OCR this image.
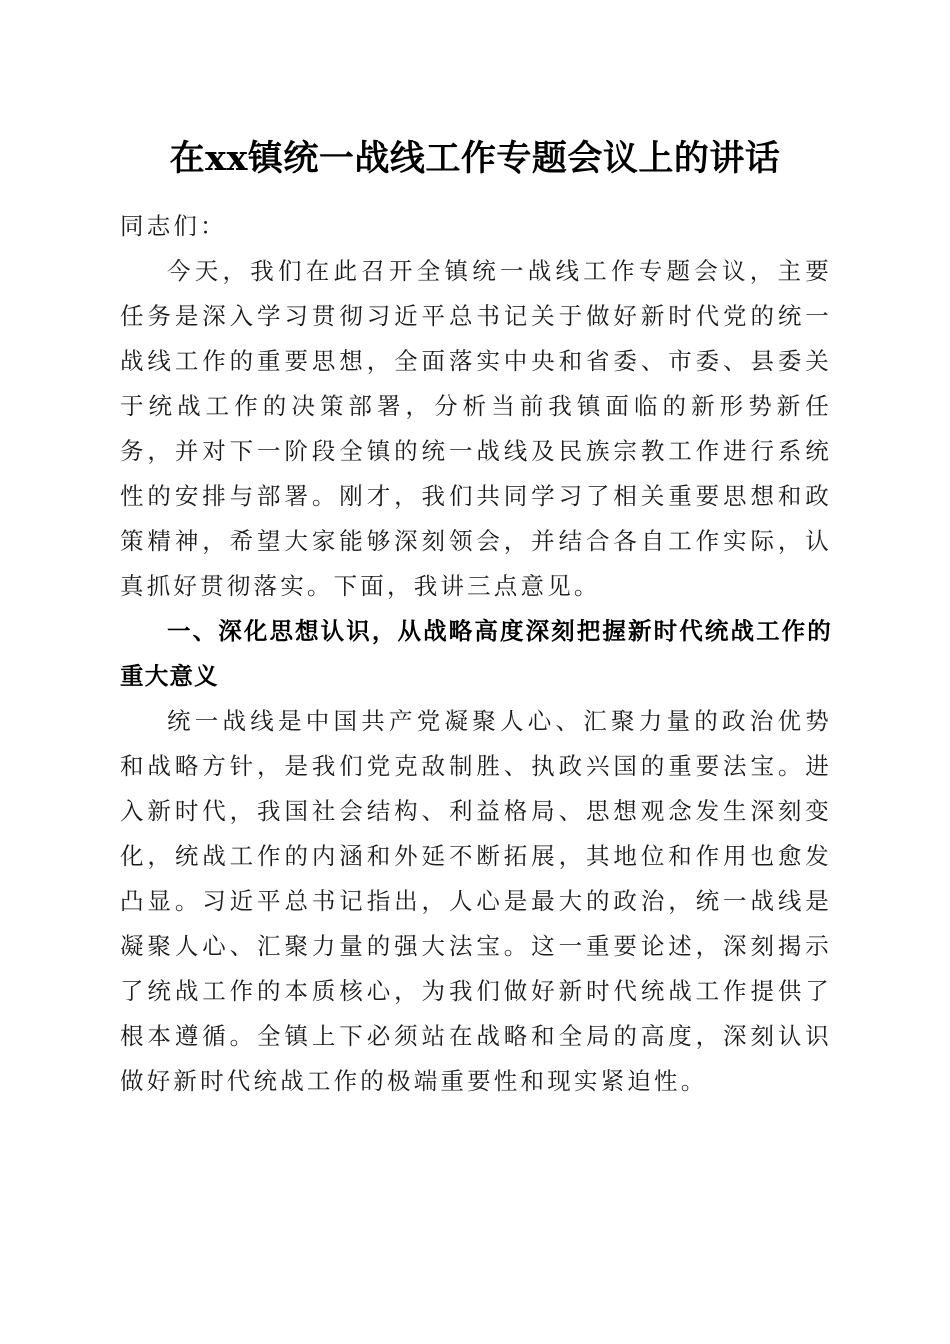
在xx镇统一战线工作专题会议上的讲话

同志们：

今天，我们在此召开全镇统一战线工作专题会议，主要任务是深入学习贯彻习近平总书记关于做好新时代党的统一战线工作的重要思想，全面落实中央和省委、市委、县委关于统战工作的决策部署，分析当前我镇面临的新形势新任务，并对下一阶段全镇的统一战线及民族宗教工作进行系统性的安排与部署。刚才，我们共同学习了相关重要思想和政策精神，希望大家能够深刻领会，并结合各自工作实际，认真抓好贯彻落实。下面，我讲三点意见。

一、深化思想认识，从战略高度深刻把握新时代统战工作的重大意义

统一战线是中国共产党凝聚人心、汇聚力量的政治优势和战略方针，是我们党克敌制胜、执政兴国的重要法宝。进入新时代，我国社会结构、利益格局、思想观念发生深刻变化，统战工作的内涵和外延不断拓展，其地位和作用也愈发凸显。习近平总书记指出，人心是最大的政治，统一战线是凝聚人心、汇聚力量的强大法宝。这一重要论述，深刻揭示了统战工作的本质核心，为我们做好新时代统战工作提供了根本遵循。全镇上下必须站在战略和全局的高度，深刻认识做好新时代统战工作的极端重要性和现实紧迫性。
